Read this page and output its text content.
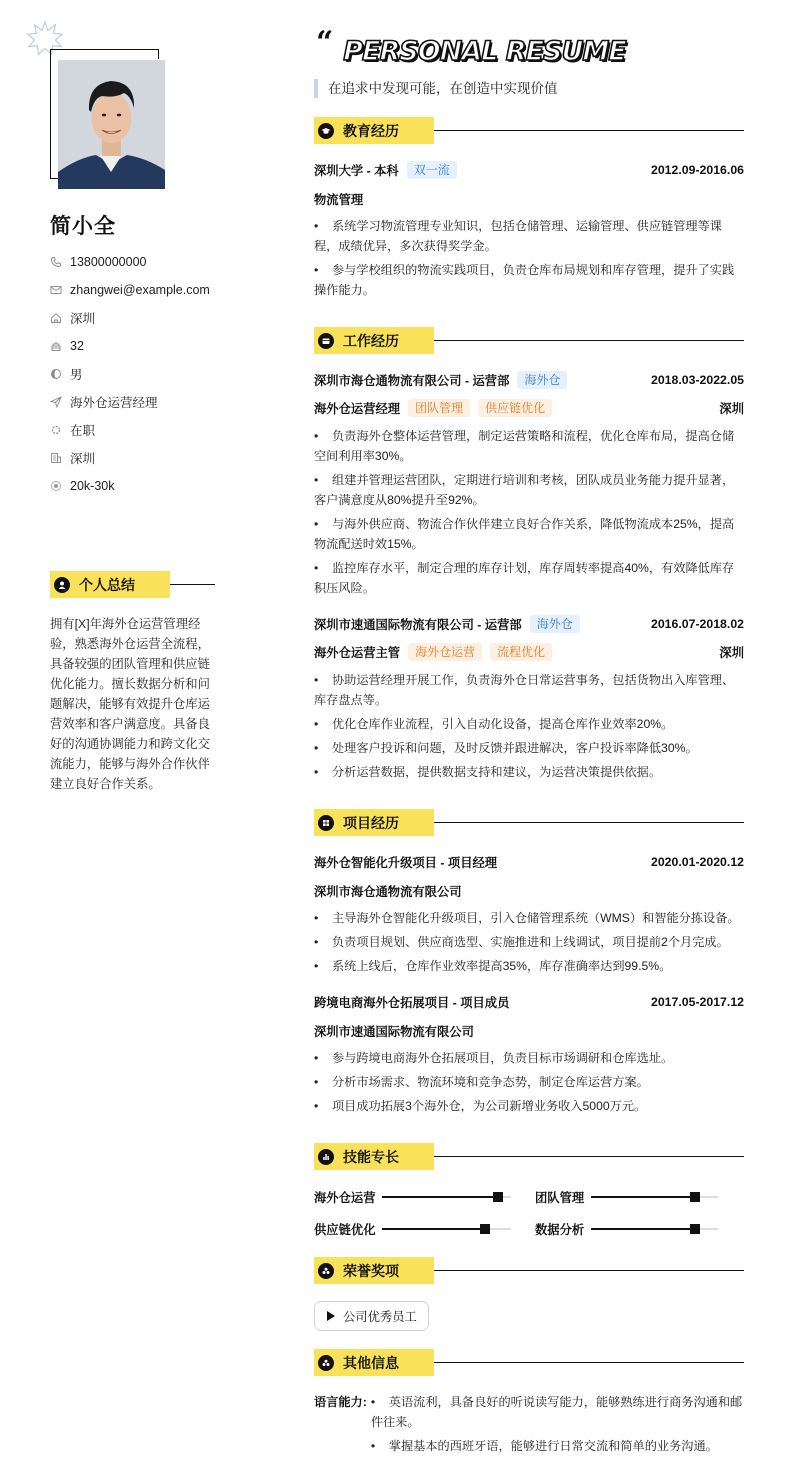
简小全
13800000000
zhangwei@example.com
深圳
32
男
海外仓运营经理
在职
深圳
20k-30k
个人总结
拥有[X]年海外仓运营管理经验，熟悉海外仓运营全流程，具备较强的团队管理和供应链优化能力。擅长数据分析和问题解决，能够有效提升仓库运营效率和客户满意度。具备良好的沟通协调能力和跨文化交流能力，能够与海外合作伙伴建立良好合作关系。
“ PERSONAL RESUME
在追求中发现可能，在创造中实现价值
教育经历
深圳大学 - 本科	双一流	2012.09-2016.06
物流管理
• 系统学习物流管理专业知识，包括仓储管理、运输管理、供应链管理等课程，成绩优异，多次获得奖学金。
• 参与学校组织的物流实践项目，负责仓库布局规划和库存管理，提升了实践操作能力。
工作经历
深圳市海仓通物流有限公司 - 运营部	海外仓	2018.03-2022.05
海外仓运营经理	团队管理	供应链优化	深圳
• 负责海外仓整体运营管理，制定运营策略和流程，优化仓库布局，提高仓储空间利用率30%。
• 组建并管理运营团队，定期进行培训和考核，团队成员业务能力提升显著，客户满意度从80%提升至92%。
• 与海外供应商、物流合作伙伴建立良好合作关系，降低物流成本25%，提高物流配送时效15%。
• 监控库存水平，制定合理的库存计划，库存周转率提高40%，有效降低库存积压风险。
深圳市速通国际物流有限公司 - 运营部	海外仓	2016.07-2018.02
海外仓运营主管	海外仓运营	流程优化	深圳
• 协助运营经理开展工作，负责海外仓日常运营事务，包括货物出入库管理、库存盘点等。
• 优化仓库作业流程，引入自动化设备，提高仓库作业效率20%。
• 处理客户投诉和问题，及时反馈并跟进解决，客户投诉率降低30%。
• 分析运营数据，提供数据支持和建议，为运营决策提供依据。
项目经历
海外仓智能化升级项目 - 项目经理	2020.01-2020.12
深圳市海仓通物流有限公司
• 主导海外仓智能化升级项目，引入仓储管理系统（WMS）和智能分拣设备。
• 负责项目规划、供应商选型、实施推进和上线调试，项目提前2个月完成。
• 系统上线后，仓库作业效率提高35%，库存准确率达到99.5%。
跨境电商海外仓拓展项目 - 项目成员	2017.05-2017.12
深圳市速通国际物流有限公司
• 参与跨境电商海外仓拓展项目，负责目标市场调研和仓库选址。
• 分析市场需求、物流环境和竞争态势，制定仓库运营方案。
• 项目成功拓展3个海外仓，为公司新增业务收入5000万元。
技能专长
海外仓运营	团队管理
供应链优化	数据分析
荣誉奖项
公司优秀员工
其他信息
语言能力:	• 英语流利，具备良好的听说读写能力，能够熟练进行商务沟通和邮件往来。
• 掌握基本的西班牙语，能够进行日常交流和简单的业务沟通。
